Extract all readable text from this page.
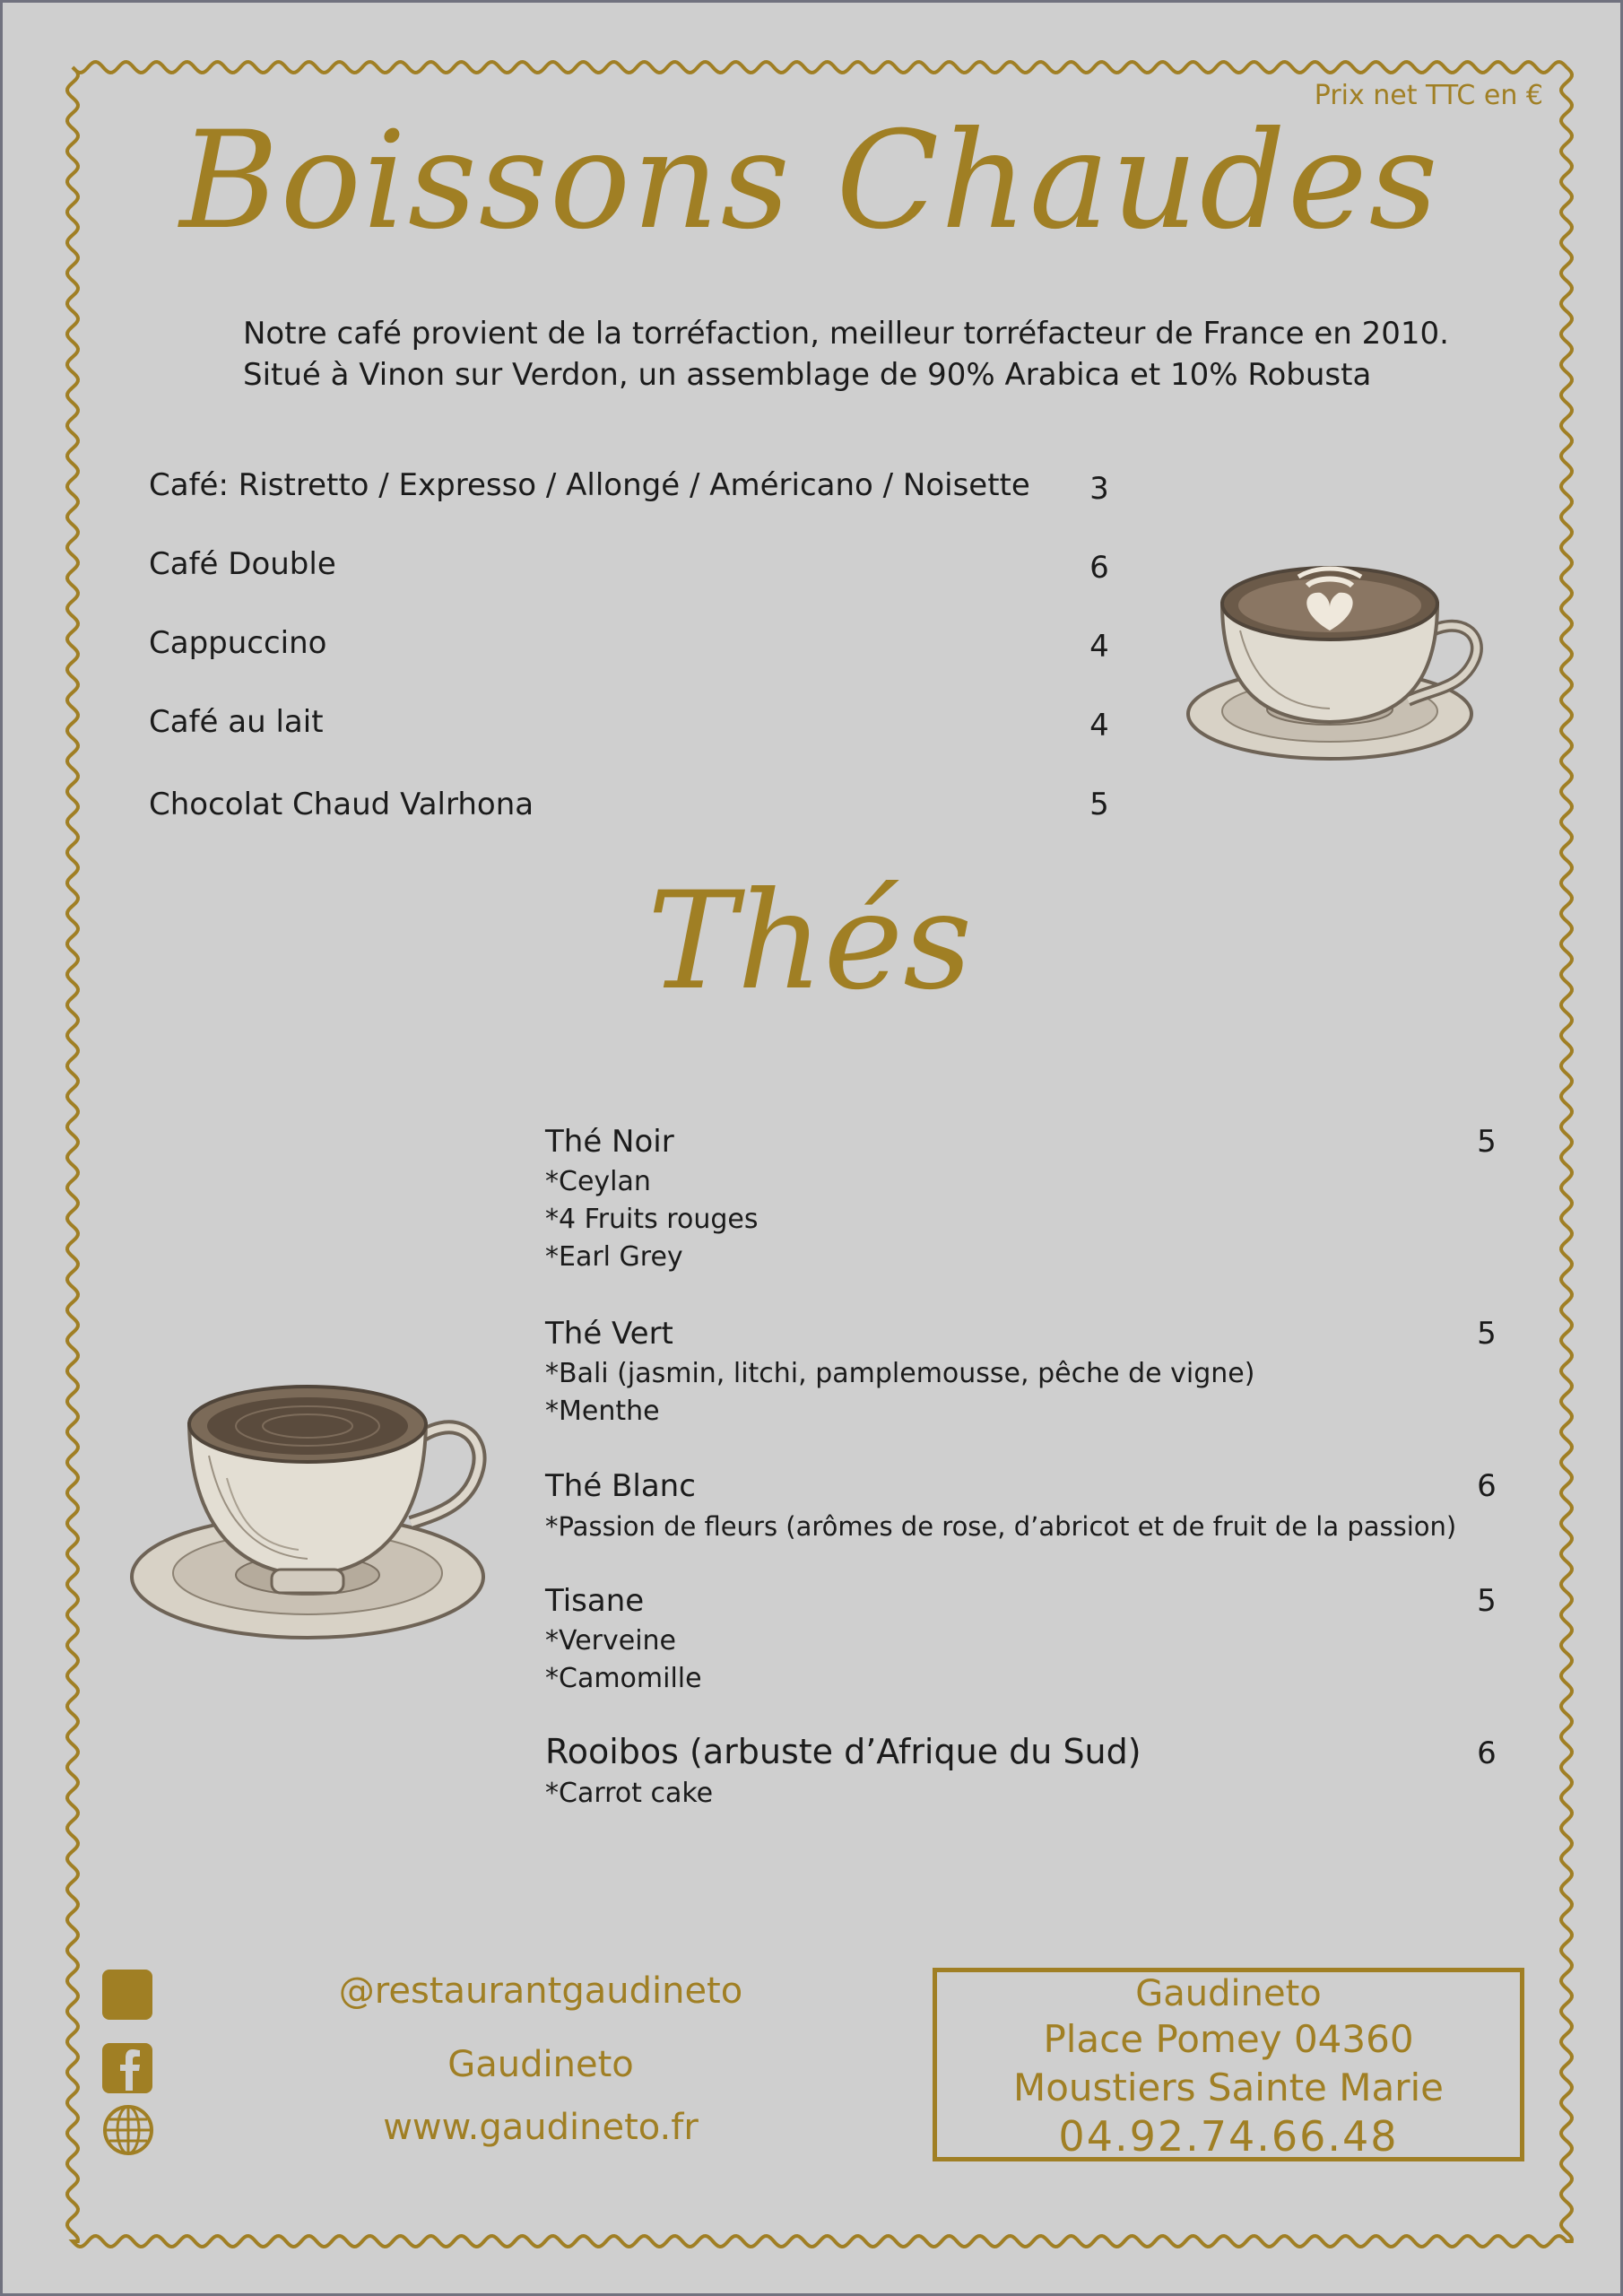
Prix net TTC en €
Boissons Chaudes
Notre café provient de la torréfaction, meilleur torréfacteur de France en 2010.
Situé à Vinon sur Verdon, un assemblage de 90% Arabica et 10% Robusta
Café: Ristretto / Expresso / Allongé / Américano / Noisette 3
Café Double	6
Cappuccino	4
Café au lait	4
Chocolat Chaud Valrhona	5
Thés
Thé Noir	5
*Ceylan
*4 Fruits rouges
*Earl Grey
Thé Vert	5
*Bali (jasmin, litchi, pamplemousse, pêche de vigne)
*Menthe
Thé Blanc	6
*Passion de fleurs (arômes de rose, d’abricot et de fruit de la passion)
Tisane	5
*Verveine
*Camomille
Rooibos (arbuste d’Afrique du Sud)	6
*Carrot cake
@restaurantgaudineto
Gaudineto
www.gaudineto.fr
Gaudineto
Place Pomey 04360
Moustiers Sainte Marie
04.92.74.66.48
